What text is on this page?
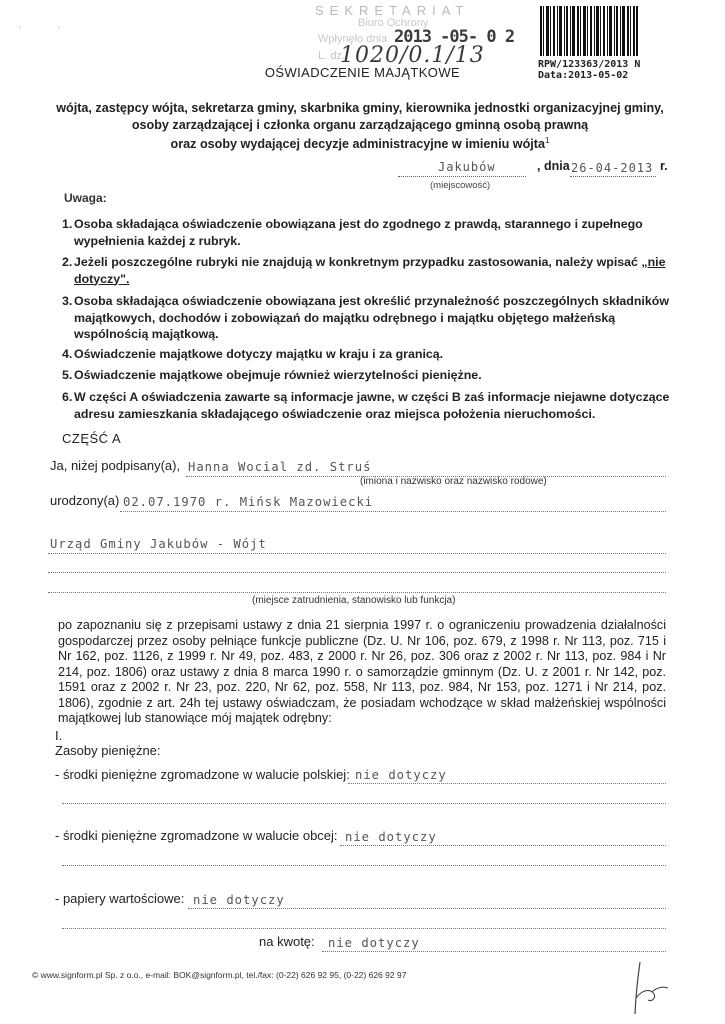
·             ·
SEKRETARIAT
Biuro Ochrony
Wpłynęło dnia 2013 -05- 0 2
L. dz.
1020/0.1/13	RPW/123363/2013 N
Data:2013-05-02
OŚWIADCZENIE MAJĄTKOWE
wójta, zastępcy wójta, sekretarza gminy, skarbnika gminy, kierownika jednostki organizacyjnej gminy,
osoby zarządzającej i członka organu zarządzającego gminną osobą prawną
oraz osoby wydającej decyzje administracyjne w imieniu wójta$^1$
Jakubów
(miejscowość)
, dnia 26-04-2013 r.
Uwaga:
1. Osoba składająca oświadczenie obowiązana jest do zgodnego z prawdą, starannego i zupełnego wypełnienia każdej z rubryk.
2. Jeżeli poszczególne rubryki nie znajdują w konkretnym przypadku zastosowania, należy wpisać „nie dotyczy".
3. Osoba składająca oświadczenie obowiązana jest określić przynależność poszczególnych składników majątkowych, dochodów i zobowiązań do majątku odrębnego i majątku objętego małżeńską wspólnością majątkową.
4. Oświadczenie majątkowe dotyczy majątku w kraju i za granicą.
5. Oświadczenie majątkowe obejmuje również wierzytelności pieniężne.
6. W części A oświadczenia zawarte są informacje jawne, w części B zaś informacje niejawne dotyczące adresu zamieszkania składającego oświadczenie oraz miejsca położenia nieruchomości.
CZĘŚĆ A
Ja, niżej podpisany(a), Hanna Wocial zd. Struś
(imiona i nazwisko oraz nazwisko rodowe)
urodzony(a) 02.07.1970 r. Mińsk Mazowiecki
Urząd Gminy Jakubów - Wójt
(miejsce zatrudnienia, stanowisko lub funkcja)
po zapoznaniu się z przepisami ustawy z dnia 21 sierpnia 1997 r. o ograniczeniu prowadzenia działalności gospodarczej przez osoby pełniące funkcje publiczne (Dz. U. Nr 106, poz. 679, z 1998 r. Nr 113, poz. 715 i Nr 162, poz. 1126, z 1999 r. Nr 49, poz. 483, z 2000 r. Nr 26, poz. 306 oraz z 2002 r. Nr 113, poz. 984 i Nr 214, poz. 1806) oraz ustawy z dnia 8 marca 1990 r. o samorządzie gminnym (Dz. U. z 2001 r. Nr 142, poz. 1591 oraz z 2002 r. Nr 23, poz. 220, Nr 62, poz. 558, Nr 113, poz. 984, Nr 153, poz. 1271 i Nr 214, poz. 1806), zgodnie z art. 24h tej ustawy oświadczam, że posiadam wchodzące w skład małżeńskiej wspólności majątkowej lub stanowiące mój majątek odrębny:
I.
Zasoby pieniężne:
- środki pieniężne zgromadzone w walucie polskiej: nie dotyczy
- środki pieniężne zgromadzone w walucie obcej: nie dotyczy
- papiery wartościowe: nie dotyczy
na kwotę: nie dotyczy
© www.signform.pl Sp. z o.o., e-mail: BOK@signform.pl, tel./fax: (0-22) 626 92 95, (0-22) 626 92 97
